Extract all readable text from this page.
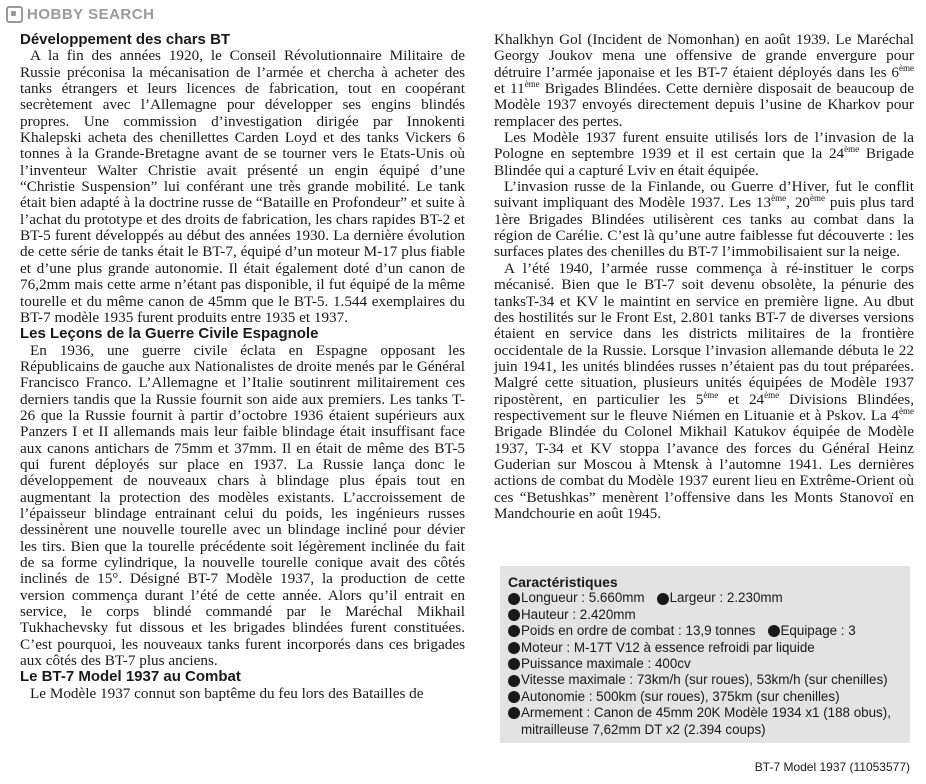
HOBBY SEARCH

Développement des chars BT

A la fin des années 1920, le Conseil Révolutionnaire Militaire de Russie préconisa la mécanisation de l’armée et chercha à acheter des tanks étrangers et leurs licences de fabrication, tout en coopérant secrètement avec l’Allemagne pour développer ses engins blindés propres. Une commission d’investigation dirigée par Innokenti Khalepski acheta des chenillettes Carden Loyd et des tanks Vickers 6 tonnes à la Grande-Bretagne avant de se tourner vers le Etats-Unis où l’inventeur Walter Christie avait présenté un engin équipé d’une “Christie Suspension” lui conférant une très grande mobilité. Le tank était bien adapté à la doctrine russe de “Bataille en Profondeur” et suite à l’achat du prototype et des droits de fabrication, les chars rapides BT-2 et BT-5 furent développés au début des années 1930. La dernière évolution de cette série de tanks était le BT-7, équipé d’un moteur M-17 plus fiable et d’une plus grande autonomie. Il était également doté d’un canon de 76,2mm mais cette arme n’étant pas disponible, il fut équipé de la même tourelle et du même canon de 45mm que le BT-5. 1.544 exemplaires du BT-7 modèle 1935 furent produits entre 1935 et 1937.

Les Leçons de la Guerre Civile Espagnole

En 1936, une guerre civile éclata en Espagne opposant les Républicains de gauche aux Nationalistes de droite menés par le Général Francisco Franco. L’Allemagne et l’Italie soutinrent militairement ces derniers tandis que la Russie fournit son aide aux premiers. Les tanks T-26 que la Russie fournit à partir d’octobre 1936 étaient supérieurs aux Panzers I et II allemands mais leur faible blindage était insuffisant face aux canons antichars de 75mm et 37mm. Il en était de même des BT-5 qui furent déployés sur place en 1937. La Russie lança donc le développement de nouveaux chars à blindage plus épais tout en augmentant la protection des modèles existants. L’accroissement de l’épaisseur blindage entrainant celui du poids, les ingénieurs russes dessinèrent une nouvelle tourelle avec un blindage incliné pour dévier les tirs. Bien que la tourelle précédente soit légèrement inclinée du fait de sa forme cylindrique, la nouvelle tourelle conique avait des côtés inclinés de 15°. Désigné BT-7 Modèle 1937, la production de cette version commença durant l’été de cette année. Alors qu’il entrait en service, le corps blindé commandé par le Maréchal Mikhail Tukhachevsky fut dissous et les brigades blindées furent constituées. C’est pourquoi, les nouveaux tanks furent incorporés dans ces brigades aux côtés des BT-7 plus anciens.

Le BT-7 Model 1937 au Combat

Le Modèle 1937 connut son baptême du feu lors des Batailles de

Khalkhyn Gol (Incident de Nomonhan) en août 1939. Le Maréchal Georgy Joukov mena une offensive de grande envergure pour détruire l’armée japonaise et les BT-7 étaient déployés dans les 6ème et 11ème Brigades Blindées. Cette dernière disposait de beaucoup de Modèle 1937 envoyés directement depuis l’usine de Kharkov pour remplacer des pertes.

Les Modèle 1937 furent ensuite utilisés lors de l’invasion de la Pologne en septembre 1939 et il est certain que la 24ème Brigade Blindée qui a capturé Lviv en était équipée.

L’invasion russe de la Finlande, ou Guerre d’Hiver, fut le conflit suivant impliquant des Modèle 1937. Les 13ème, 20ème puis plus tard 1ère Brigades Blindées utilisèrent ces tanks au combat dans la région de Carélie. C’est là qu’une autre faiblesse fut découverte : les surfaces plates des chenilles du BT-7 l’immobilisaient sur la neige.

A l’été 1940, l’armée russe commença à ré-instituer le corps mécanisé. Bien que le BT-7 soit devenu obsolète, la pénurie des tanksT-34 et KV le maintint en service en première ligne. Au dbut des hostilités sur le Front Est, 2.801 tanks BT-7 de diverses versions étaient en service dans les districts militaires de la frontière occidentale de la Russie. Lorsque l’invasion allemande débuta le 22 juin 1941, les unités blindées russes n’étaient pas du tout préparées. Malgré cette situation, plusieurs unités équipées de Modèle 1937 ripostèrent, en particulier les 5ème et 24ème Divisions Blindées, respectivement sur le fleuve Niémen en Lituanie et à Pskov. La 4ème Brigade Blindée du Colonel Mikhail Katukov équipée de Modèle 1937, T-34 et KV stoppa l’avance des forces du Général Heinz Guderian sur Moscou à Mtensk à l’automne 1941. Les dernières actions de combat du Modèle 1937 eurent lieu en Extrême-Orient où ces “Betushkas” menèrent l’offensive dans les Monts Stanovoï en Mandchourie en août 1945.

Caractéristiques
Longueur : 5.660mm Largeur : 2.230mm
Hauteur : 2.420mm
Poids en ordre de combat : 13,9 tonnes Equipage : 3
Moteur : M-17T V12 à essence refroidi par liquide
Puissance maximale : 400cv
Vitesse maximale : 73km/h (sur roues), 53km/h (sur chenilles)
Autonomie : 500km (sur roues), 375km (sur chenilles)
Armement : Canon de 45mm 20K Modèle 1934 x1 (188 obus),
mitrailleuse 7,62mm DT x2 (2.394 coups)
BT-7 Model 1937 (11053577)
